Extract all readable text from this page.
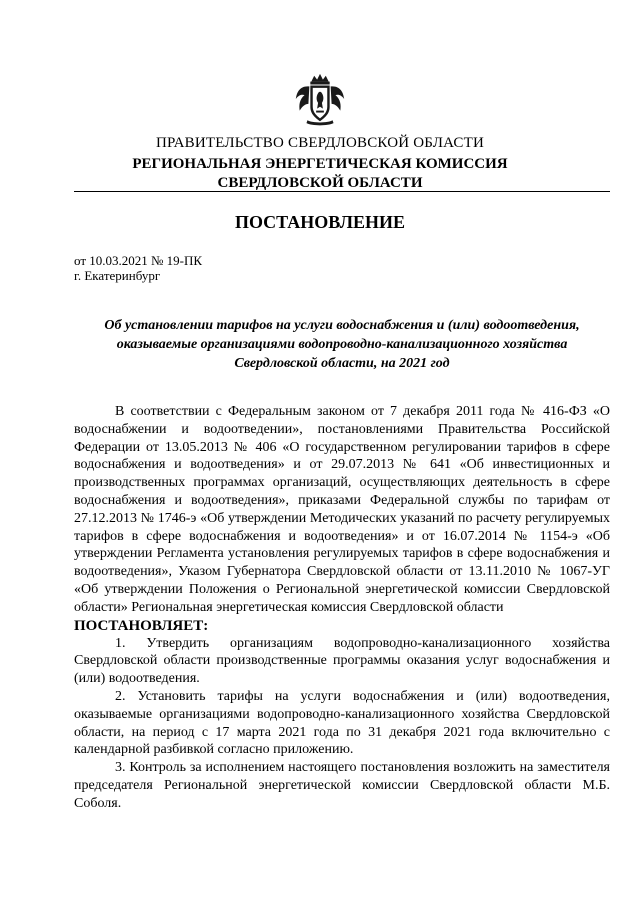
ПРАВИТЕЛЬСТВО СВЕРДЛОВСКОЙ ОБЛАСТИ
РЕГИОНАЛЬНАЯ ЭНЕРГЕТИЧЕСКАЯ КОМИССИЯ
СВЕРДЛОВСКОЙ ОБЛАСТИ
ПОСТАНОВЛЕНИЕ
от 10.03.2021 № 19-ПК
г. Екатеринбург
Об установлении тарифов на услуги водоснабжения и (или) водоотведения,
оказываемые организациями водопроводно-канализационного хозяйства
Свердловской области, на 2021 год

В соответствии с Федеральным законом от 7 декабря 2011 года № 416-ФЗ «О водоснабжении и водоотведении», постановлениями Правительства Российской Федерации от 13.05.2013 № 406 «О государственном регулировании тарифов в сфере водоснабжения и водоотведения» и от 29.07.2013 № 641 «Об инвестиционных и производственных программах организаций, осуществляющих деятельность в сфере водоснабжения и водоотведения», приказами Федеральной службы по тарифам от 27.12.2013 № 1746-э «Об утверждении Методических указаний по расчету регулируемых тарифов в сфере водоснабжения и водоотведения» и от 16.07.2014 № 1154-э «Об утверждении Регламента установления регулируемых тарифов в сфере водоснабжения и водоотведения», Указом Губернатора Свердловской области от 13.11.2010 № 1067-УГ «Об утверждении Положения о Региональной энергетической комиссии Свердловской области» Региональная энергетическая комиссия Свердловской области

ПОСТАНОВЛЯЕТ:

1. Утвердить организациям водопроводно-канализационного хозяйства Свердловской области производственные программы оказания услуг водоснабжения и (или) водоотведения.

2. Установить тарифы на услуги водоснабжения и (или) водоотведения, оказываемые организациями водопроводно-канализационного хозяйства Свердловской области, на период с 17 марта 2021 года по 31 декабря 2021 года включительно с календарной разбивкой согласно приложению.

3. Контроль за исполнением настоящего постановления возложить на заместителя председателя Региональной энергетической комиссии Свердловской области М.Б. Соболя.
